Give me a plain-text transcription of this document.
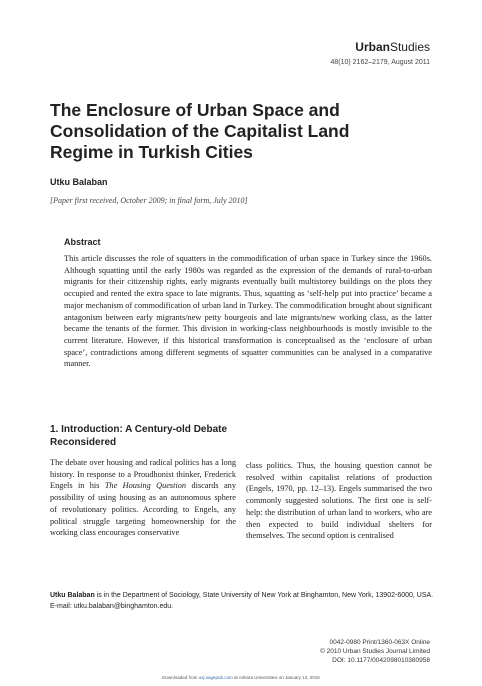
UrbanStudies
48(10) 2162–2179, August 2011
The Enclosure of Urban Space and Consolidation of the Capitalist Land Regime in Turkish Cities
Utku Balaban
[Paper first received, October 2009; in final form, July 2010]
Abstract
This article discusses the role of squatters in the commodification of urban space in Turkey since the 1960s. Although squatting until the early 1980s was regarded as the expression of the demands of rural-to-urban migrants for their citizenship rights, early migrants eventually built multistorey buildings on the plots they occupied and rented the extra space to late migrants. Thus, squatting as ‘self-help put into practice’ became a major mechanism of commodification of urban land in Turkey. The commodification brought about significant antagonism between early migrants/new petty bourgeois and late migrants/new working class, as the latter became the tenants of the former. This division in working-class neighbourhoods is mostly invisible to the current literature. However, if this historical transformation is conceptualised as the ‘enclosure of urban space’, contradictions among different segments of squatter communities can be analysed in a comparative manner.
1. Introduction: A Century-old Debate Reconsidered
The debate over housing and radical politics has a long history. In response to a Proudhonist thinker, Frederick Engels in his The Housing Question discards any possibility of using housing as an autonomous sphere of revolutionary politics. According to Engels, any political struggle targeting homeownership for the working class encourages conservative
class politics. Thus, the housing question cannot be resolved within capitalist relations of production (Engels, 1970, pp. 12–13). Engels summarised the two commonly suggested solutions. The first one is self-help: the distribution of urban land to workers, who are then expected to build individual shelters for themselves. The second option is centralised
Utku Balaban is in the Department of Sociology, State University of New York at Binghamton, New York, 13902-6000, USA. E-mail: utku.balaban@binghamton.edu.
0042-0980 Print/1360-063X Online
© 2010 Urban Studies Journal Limited
DOI: 10.1177/0042098010380958
Downloaded from usj.sagepub.com at Ankara Universitesi on January 12, 2015
